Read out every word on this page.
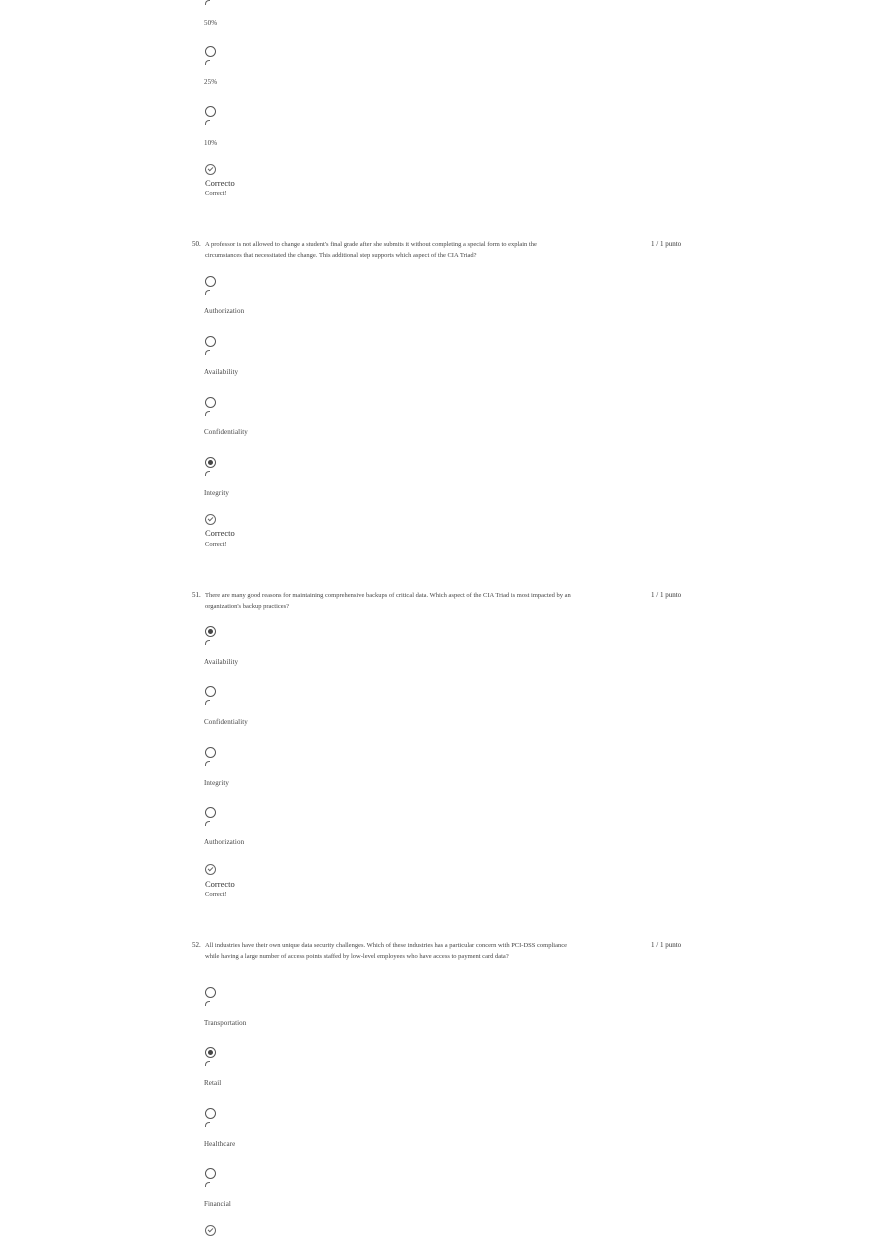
50%
25%
10%
Correcto
Correct!
50. A professor is not allowed to change a student's final grade after she submits it without completing a special form to explain the circumstances that necessitated the change. This additional step supports which aspect of the CIA Triad?
1 / 1 punto
Authorization
Availability
Confidentiality
Integrity
Correcto
Correct!
51. There are many good reasons for maintaining comprehensive backups of critical data. Which aspect of the CIA Triad is most impacted by an organization's backup practices?
1 / 1 punto
Availability
Confidentiality
Integrity
Authorization
Correcto
Correct!
52. All industries have their own unique data security challenges. Which of these industries has a particular concern with PCI-DSS compliance while having a large number of access points staffed by low-level employees who have access to payment card data?
1 / 1 punto
Transportation
Retail
Healthcare
Financial
